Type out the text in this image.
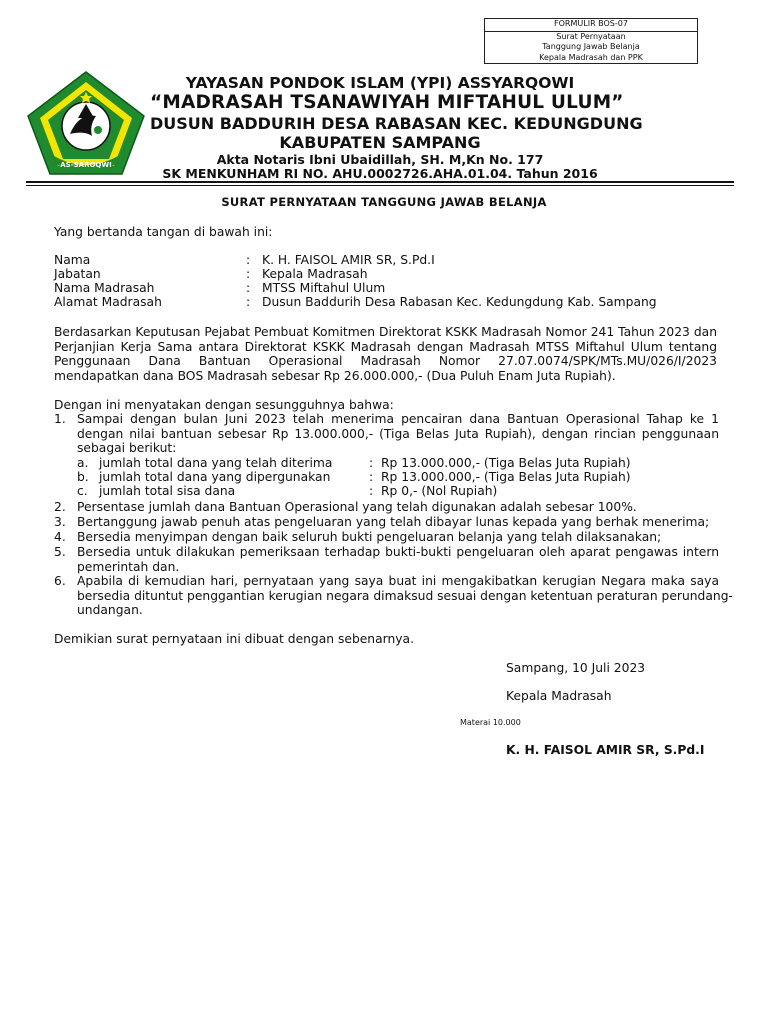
FORMULIR BOS-07
Surat Pernyataan
Tanggung Jawab Belanja
Kepala Madrasah dan PPK
AS-SAROQWI
YAYASAN PONDOK ISLAM (YPI) ASSYARQOWI
“MADRASAH TSANAWIYAH MIFTAHUL ULUM”
DUSUN BADDURIH DESA RABASAN KEC. KEDUNGDUNG
KABUPATEN SAMPANG
Akta Notaris Ibni Ubaidillah, SH. M,Kn No. 177
SK MENKUNHAM RI NO. AHU.0002726.AHA.01.04. Tahun 2016
SURAT PERNYATAAN TANGGUNG JAWAB BELANJA
Yang bertanda tangan di bawah ini:
Nama	: K. H. FAISOL AMIR SR, S.Pd.I
Jabatan	: Kepala Madrasah
Nama Madrasah	: MTSS Miftahul Ulum
Alamat Madrasah	: Dusun Baddurih Desa Rabasan Kec. Kedungdung Kab. Sampang
Berdasarkan Keputusan Pejabat Pembuat Komitmen Direktorat KSKK Madrasah Nomor 241 Tahun 2023 dan
Perjanjian Kerja Sama antara Direktorat KSKK Madrasah dengan Madrasah MTSS Miftahul Ulum tentang
Penggunaan Dana Bantuan Operasional Madrasah Nomor 27.07.0074/SPK/MTs.MU/026/I/2023
mendapatkan dana BOS Madrasah sebesar Rp 26.000.000,- (Dua Puluh Enam Juta Rupiah).
Dengan ini menyatakan dengan sesungguhnya bahwa:
1. Sampai dengan bulan Juni 2023 telah menerima pencairan dana Bantuan Operasional Tahap ke 1
dengan nilai bantuan sebesar Rp 13.000.000,- (Tiga Belas Juta Rupiah), dengan rincian penggunaan
sebagai berikut:
a. jumlah total dana yang telah diterima	: Rp 13.000.000,- (Tiga Belas Juta Rupiah)
b. jumlah total dana yang dipergunakan	: Rp 13.000.000,- (Tiga Belas Juta Rupiah)
c. jumlah total sisa dana	: Rp 0,- (Nol Rupiah)
2. Persentase jumlah dana Bantuan Operasional yang telah digunakan adalah sebesar 100%.
3. Bertanggung jawab penuh atas pengeluaran yang telah dibayar lunas kepada yang berhak menerima;
4. Bersedia menyimpan dengan baik seluruh bukti pengeluaran belanja yang telah dilaksanakan;
5. Bersedia untuk dilakukan pemeriksaan terhadap bukti-bukti pengeluaran oleh aparat pengawas intern
pemerintah dan.
6. Apabila di kemudian hari, pernyataan yang saya buat ini mengakibatkan kerugian Negara maka saya
bersedia dituntut penggantian kerugian negara dimaksud sesuai dengan ketentuan peraturan perundang-
undangan.
Demikian surat pernyataan ini dibuat dengan sebenarnya.
Sampang, 10 Juli 2023
Kepala Madrasah
Materai 10.000
K. H. FAISOL AMIR SR, S.Pd.I
